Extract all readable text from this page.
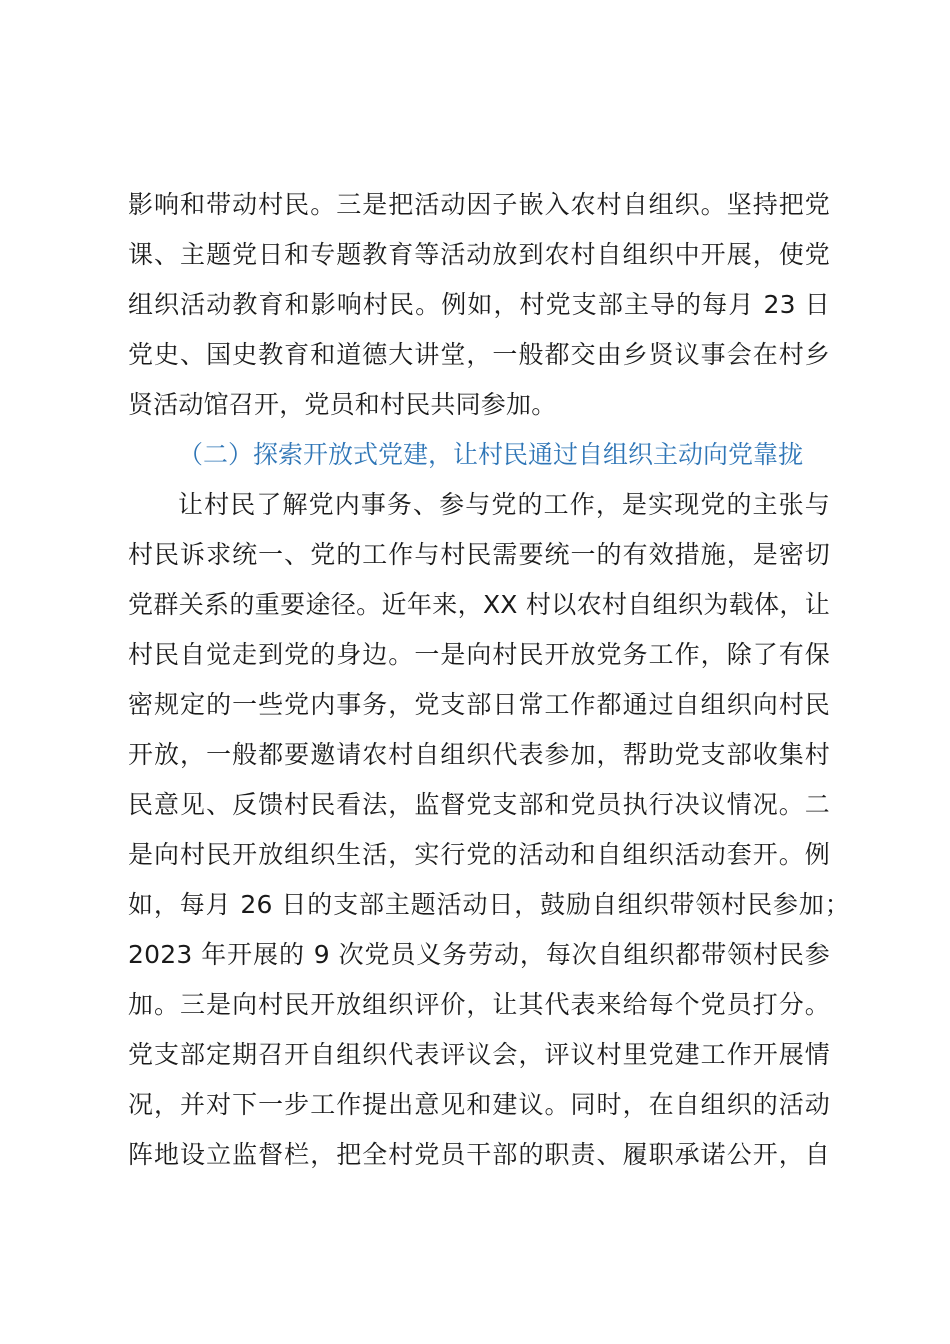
影响和带动村民。三是把活动因子嵌入农村自组织。坚持把党
课、主题党日和专题教育等活动放到农村自组织中开展，使党
组织活动教育和影响村民。例如，村党支部主导的每月 23 日
党史、国史教育和道德大讲堂，一般都交由乡贤议事会在村乡
贤活动馆召开，党员和村民共同参加。
（二）探索开放式党建，让村民通过自组织主动向党靠拢
让村民了解党内事务、参与党的工作，是实现党的主张与
村民诉求统一、党的工作与村民需要统一的有效措施，是密切
党群关系的重要途径。近年来，XX 村以农村自组织为载体，让
村民自觉走到党的身边。一是向村民开放党务工作，除了有保
密规定的一些党内事务，党支部日常工作都通过自组织向村民
开放，一般都要邀请农村自组织代表参加，帮助党支部收集村
民意见、反馈村民看法，监督党支部和党员执行决议情况。二
是向村民开放组织生活，实行党的活动和自组织活动套开。例
如，每月 26 日的支部主题活动日，鼓励自组织带领村民参加；
2023 年开展的 9 次党员义务劳动，每次自组织都带领村民参
加。三是向村民开放组织评价，让其代表来给每个党员打分。
党支部定期召开自组织代表评议会，评议村里党建工作开展情
况，并对下一步工作提出意见和建议。同时，在自组织的活动
阵地设立监督栏，把全村党员干部的职责、履职承诺公开，自
